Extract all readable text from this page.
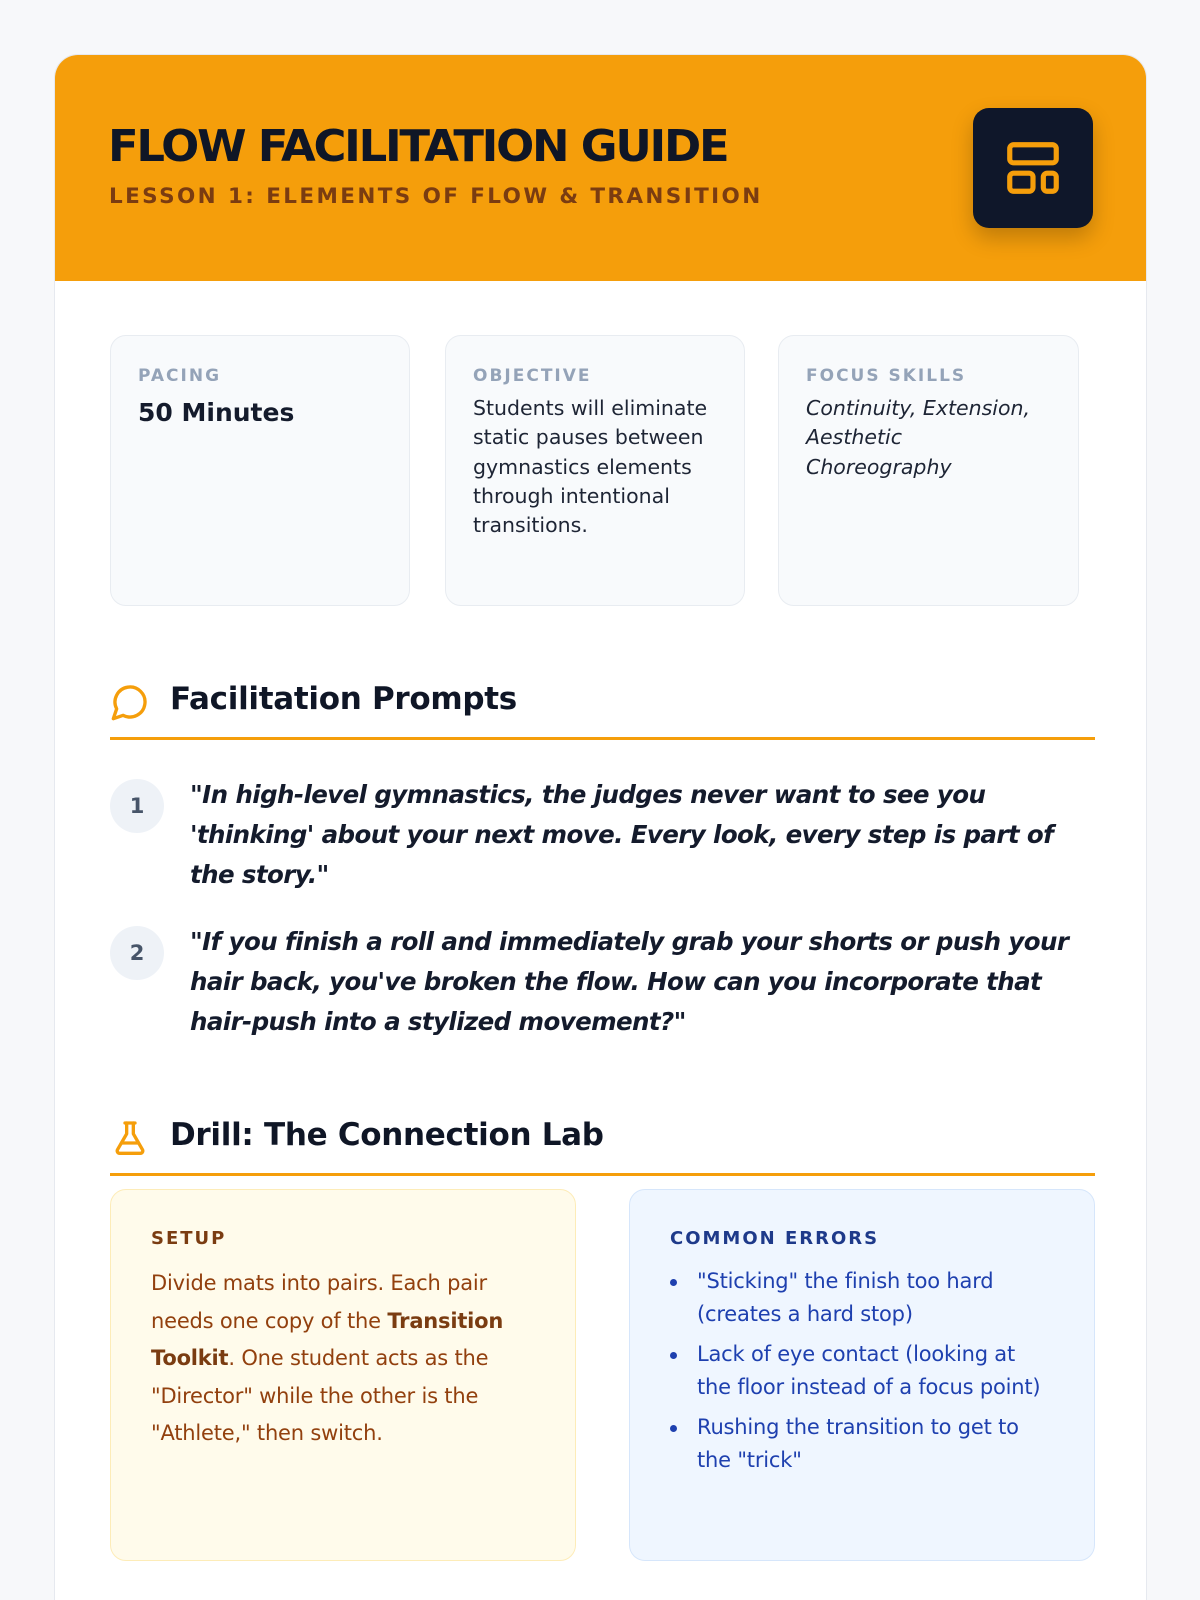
FLOW FACILITATION GUIDE
LESSON 1: ELEMENTS OF FLOW & TRANSITION
PACING
50 Minutes
OBJECTIVE
Students will eliminate static pauses between gymnastics elements through intentional transitions.
FOCUS SKILLS
Continuity, Extension, Aesthetic Choreography
Facilitation Prompts
1	"In high-level gymnastics, the judges never want to see you 'thinking' about your next move. Every look, every step is part of the story."
2	"If you finish a roll and immediately grab your shorts or push your hair back, you've broken the flow. How can you incorporate that hair-push into a stylized movement?"
Drill: The Connection Lab
SETUP

Divide mats into pairs. Each pair needs one copy of the Transition Toolkit. One student acts as the "Director" while the other is the "Athlete," then switch.

COMMON ERRORS
"Sticking" the finish too hard (creates a hard stop)
Lack of eye contact (looking at the floor instead of a focus point)
Rushing the transition to get to the "trick"
